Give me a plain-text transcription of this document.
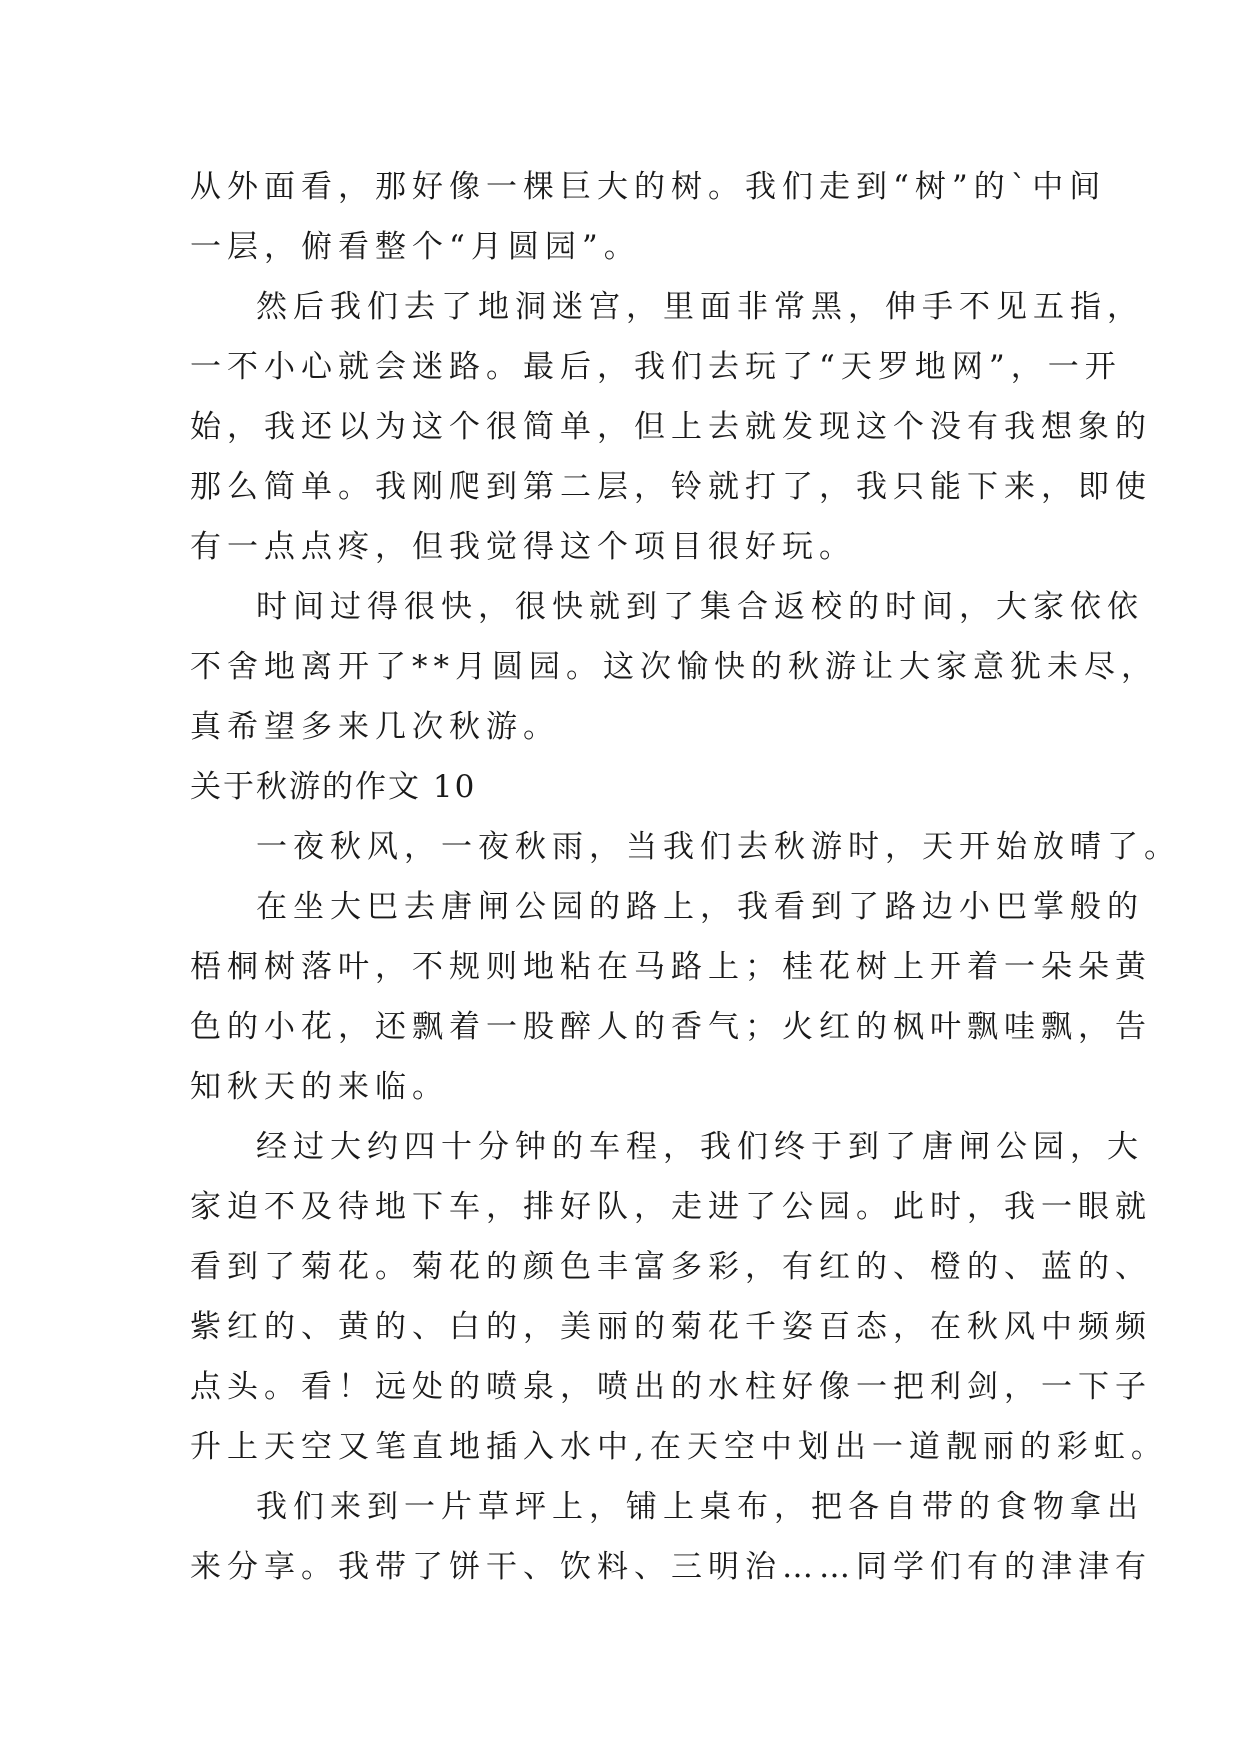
从外面看，那好像一棵巨大的树。我们走到“树”的`中间
一层，俯看整个“月圆园”。
然后我们去了地洞迷宫，里面非常黑，伸手不见五指，
一不小心就会迷路。最后，我们去玩了“天罗地网”，一开
始，我还以为这个很简单，但上去就发现这个没有我想象的
那么简单。我刚爬到第二层，铃就打了，我只能下来，即使
有一点点疼，但我觉得这个项目很好玩。
时间过得很快，很快就到了集合返校的时间，大家依依
不舍地离开了**月圆园。这次愉快的秋游让大家意犹未尽，
真希望多来几次秋游。
关于秋游的作文 10
一夜秋风，一夜秋雨，当我们去秋游时，天开始放晴了。
在坐大巴去唐闸公园的路上，我看到了路边小巴掌般的
梧桐树落叶，不规则地粘在马路上；桂花树上开着一朵朵黄
色的小花，还飘着一股醉人的香气；火红的枫叶飘哇飘，告
知秋天的来临。
经过大约四十分钟的车程，我们终于到了唐闸公园，大
家迫不及待地下车，排好队，走进了公园。此时，我一眼就
看到了菊花。菊花的颜色丰富多彩，有红的、橙的、蓝的、
紫红的、黄的、白的，美丽的菊花千姿百态，在秋风中频频
点头。看！远处的喷泉，喷出的水柱好像一把利剑，一下子
升上天空又笔直地插入水中,在天空中划出一道靓丽的彩虹。
我们来到一片草坪上，铺上桌布，把各自带的食物拿出
来分享。我带了饼干、饮料、三明治……同学们有的津津有
